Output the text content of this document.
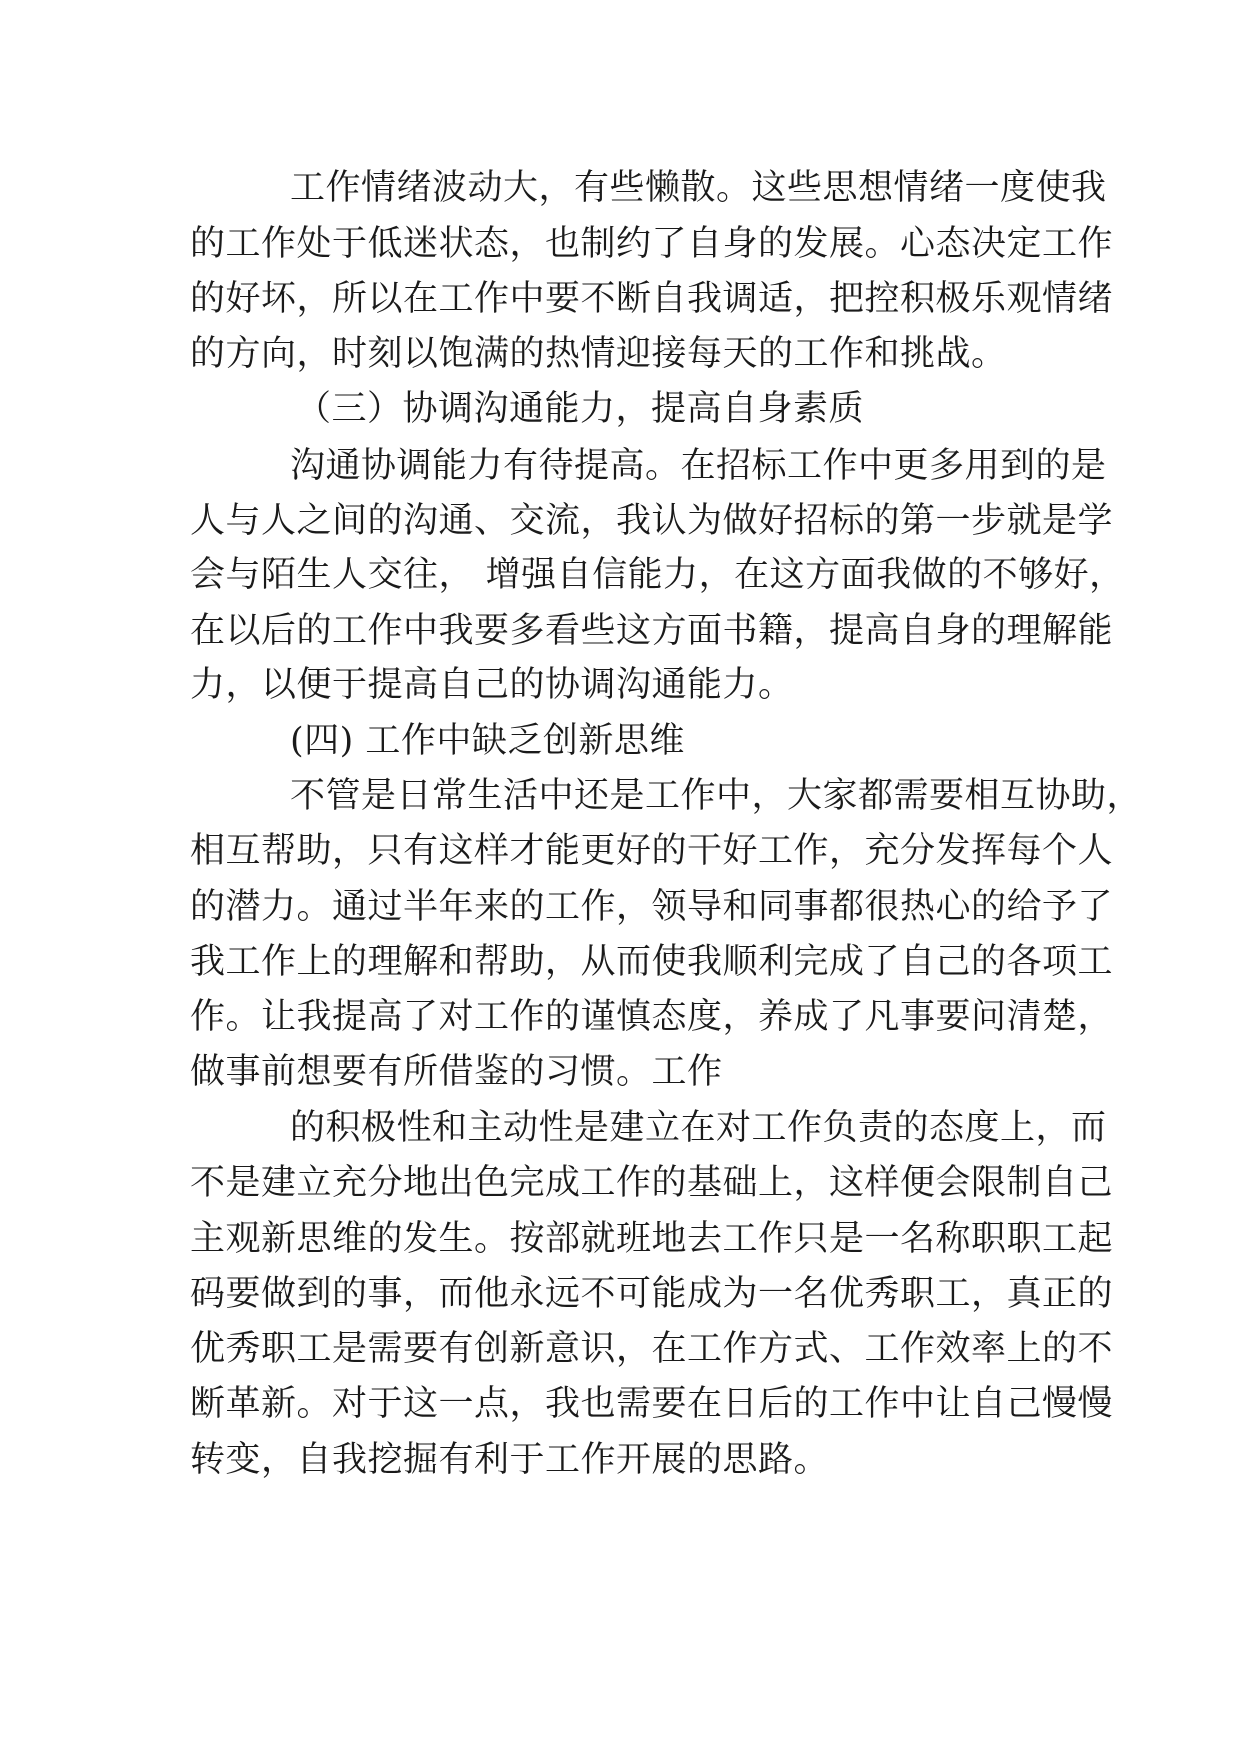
工作情绪波动大，有些懒散。这些思想情绪一度使我
的工作处于低迷状态，也制约了自身的发展。心态决定工作
的好坏，所以在工作中要不断自我调适，把控积极乐观情绪
的方向，时刻以饱满的热情迎接每天的工作和挑战。
（三）协调沟通能力，提高自身素质
沟通协调能力有待提高。在招标工作中更多用到的是
人与人之间的沟通、交流，我认为做好招标的第一步就是学
会与陌生人交往， 增强自信能力，在这方面我做的不够好，
在以后的工作中我要多看些这方面书籍，提高自身的理解能
力，以便于提高自己的协调沟通能力。
(四) 工作中缺乏创新思维
不管是日常生活中还是工作中，大家都需要相互协助，
相互帮助，只有这样才能更好的干好工作，充分发挥每个人
的潜力。通过半年来的工作，领导和同事都很热心的给予了
我工作上的理解和帮助，从而使我顺利完成了自己的各项工
作。让我提高了对工作的谨慎态度，养成了凡事要问清楚，
做事前想要有所借鉴的习惯。工作
的积极性和主动性是建立在对工作负责的态度上，而
不是建立充分地出色完成工作的基础上，这样便会限制自己
主观新思维的发生。按部就班地去工作只是一名称职职工起
码要做到的事，而他永远不可能成为一名优秀职工，真正的
优秀职工是需要有创新意识，在工作方式、工作效率上的不
断革新。对于这一点，我也需要在日后的工作中让自己慢慢
转变，自我挖掘有利于工作开展的思路。
